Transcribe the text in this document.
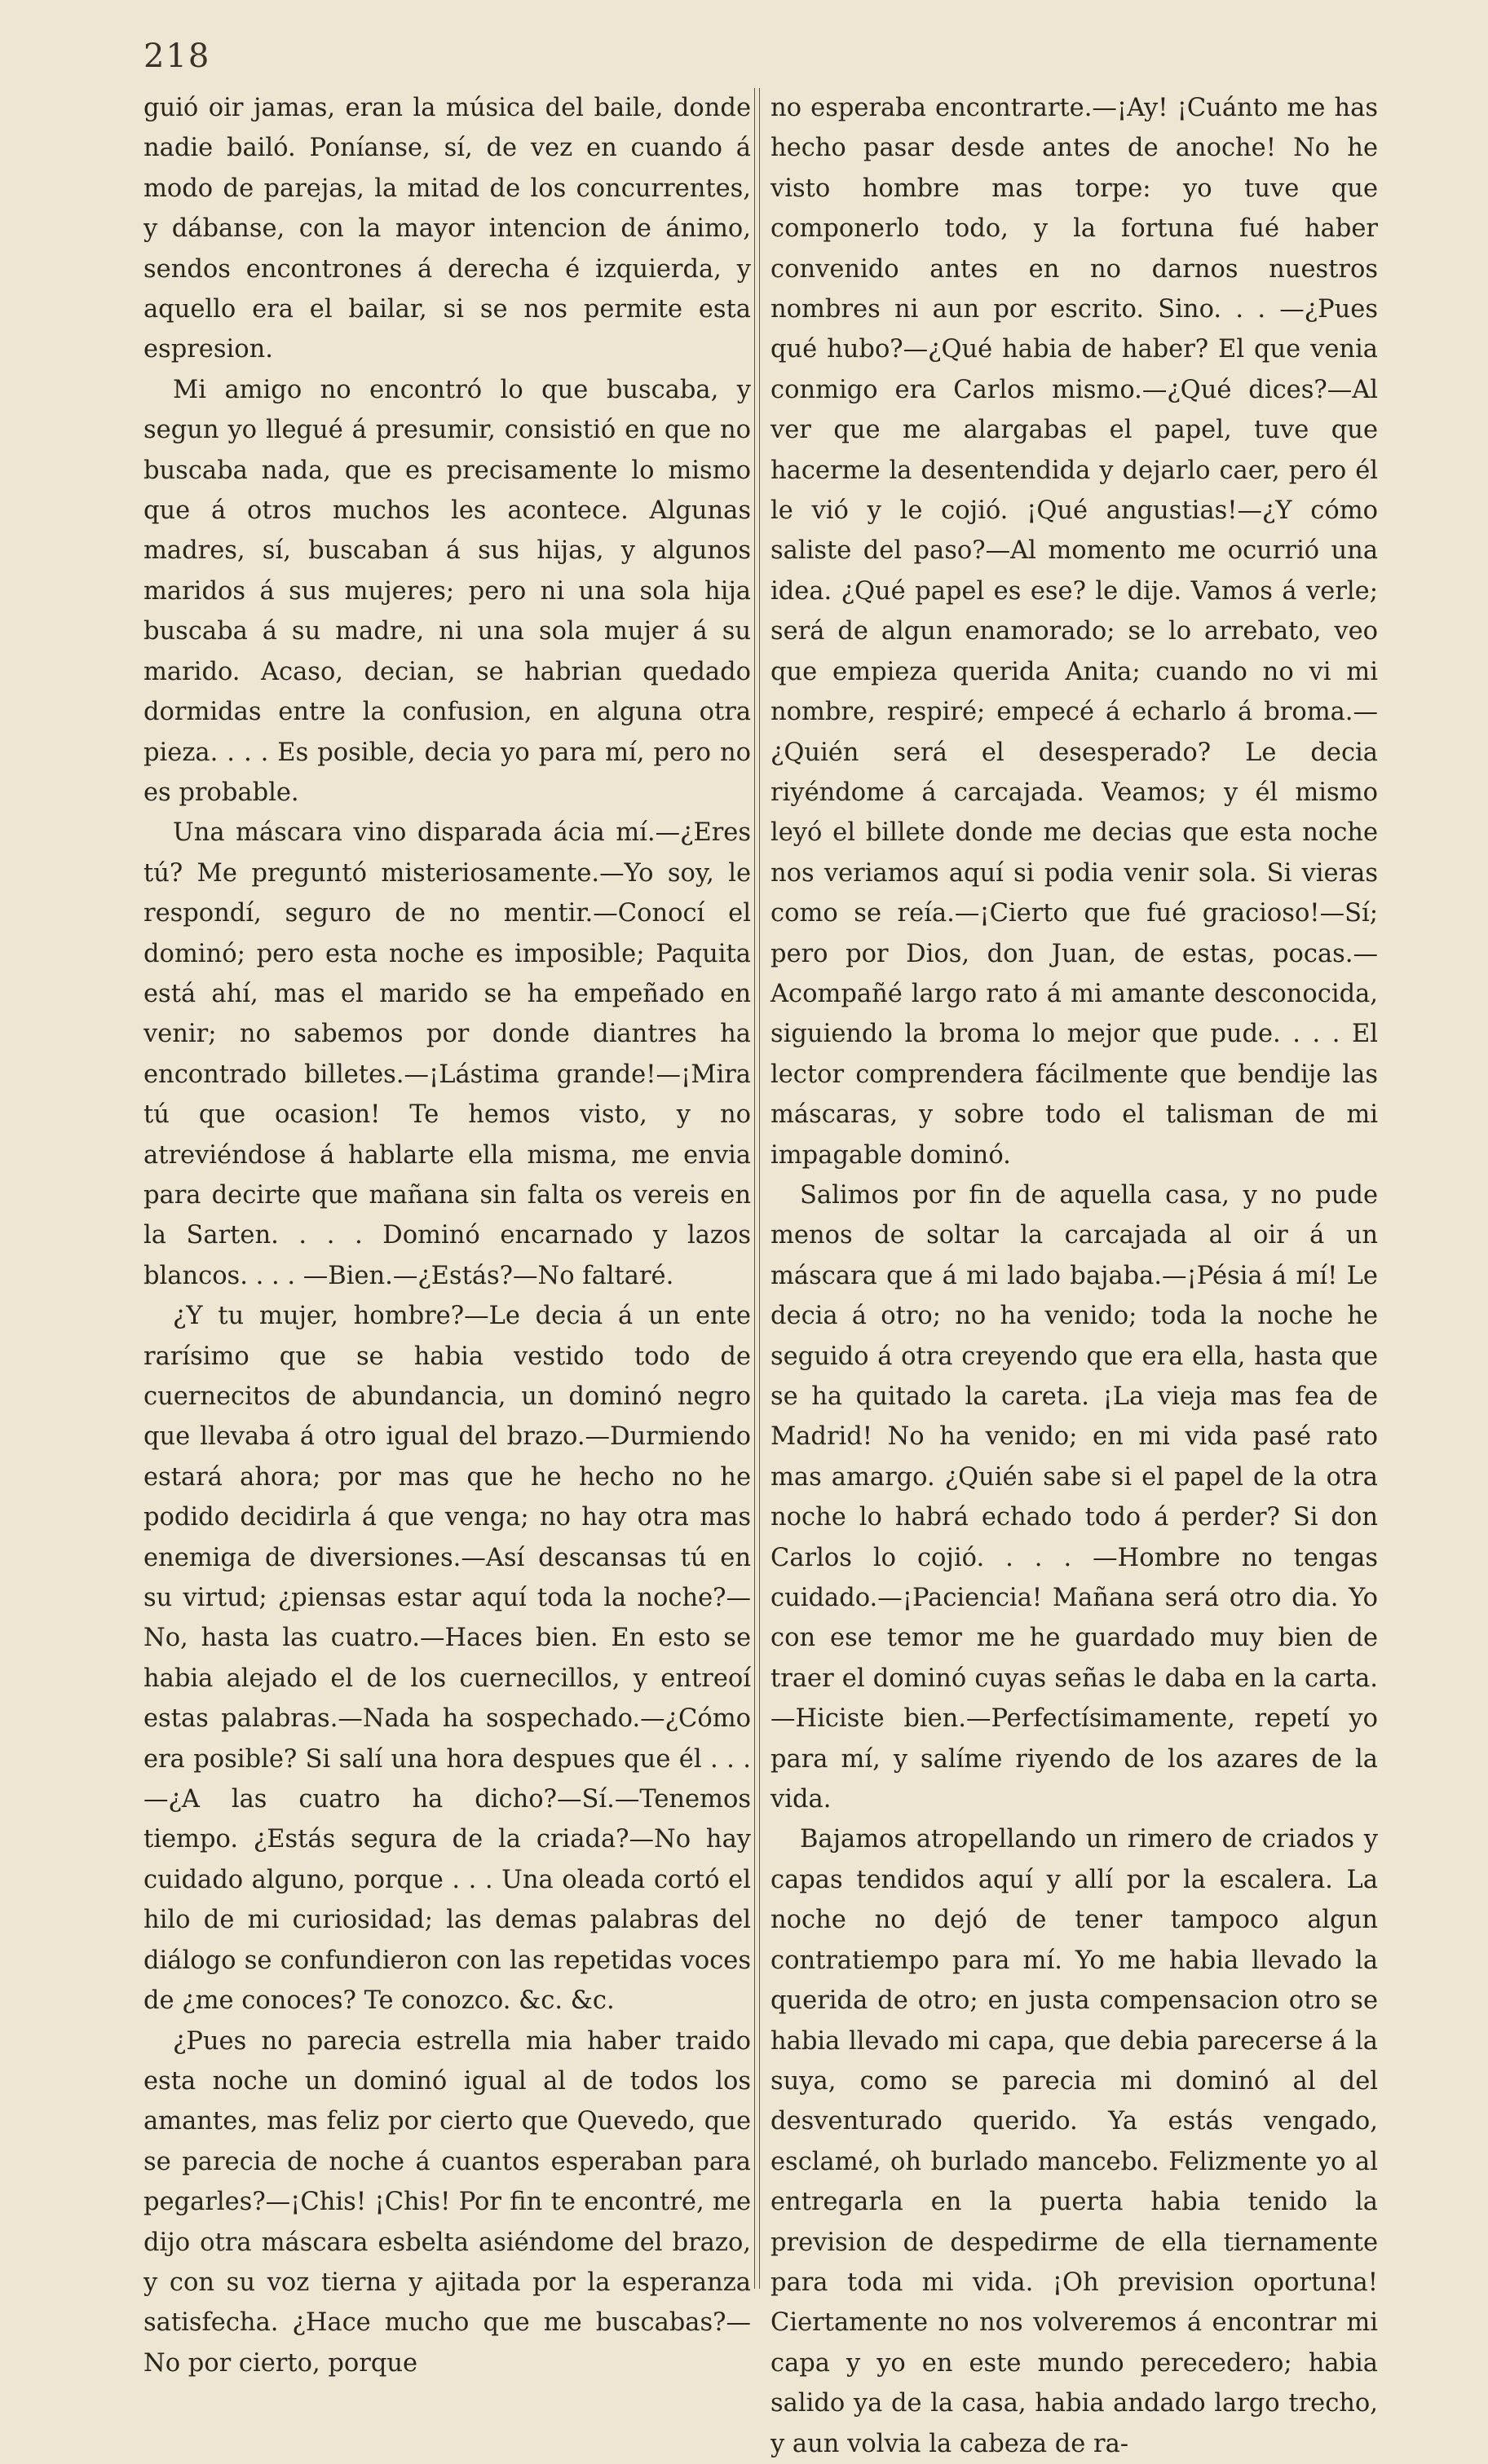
218

guió oir jamas, eran la música del baile, donde nadie bailó. Poníanse, sí, de vez en cuando á modo de parejas, la mitad de los concurrentes, y dábanse, con la mayor intencion de ánimo, sendos encontrones á derecha é izquierda, y aquello era el bailar, si se nos permite esta espresion.

Mi amigo no encontró lo que buscaba, y segun yo llegué á presumir, consistió en que no buscaba nada, que es precisamente lo mismo que á otros muchos les acontece. Algunas madres, sí, buscaban á sus hijas, y algunos maridos á sus mujeres; pero ni una sola hija buscaba á su madre, ni una sola mujer á su marido. Acaso, decian, se habrian quedado dormidas entre la confusion, en alguna otra pieza. . . . Es posible, decia yo para mí, pero no es probable.

Una máscara vino disparada ácia mí.—¿Eres tú? Me preguntó misteriosamente.—Yo soy, le respondí, seguro de no mentir.—Conocí el dominó; pero esta noche es imposible; Paquita está ahí, mas el marido se ha empeñado en venir; no sabemos por donde diantres ha encontrado billetes.—¡Lástima grande!—¡Mira tú que ocasion! Te hemos visto, y no atreviéndose á hablarte ella misma, me envia para decirte que mañana sin falta os vereis en la Sarten. . . . Dominó encarnado y lazos blancos. . . . —Bien.—¿Estás?—No faltaré.

¿Y tu mujer, hombre?—Le decia á un ente rarísimo que se habia vestido todo de cuernecitos de abundancia, un dominó negro que llevaba á otro igual del brazo.—Durmiendo estará ahora; por mas que he hecho no he podido decidirla á que venga; no hay otra mas enemiga de diversiones.—Así descansas tú en su virtud; ¿piensas estar aquí toda la noche?—No, hasta las cuatro.—Haces bien. En esto se habia alejado el de los cuernecillos, y entreoí estas palabras.—Nada ha sospechado.—¿Cómo era posible? Si salí una hora despues que él . . . —¿A las cuatro ha dicho?—Sí.—Tenemos tiempo. ¿Estás segura de la criada?—No hay cuidado alguno, porque . . . Una oleada cortó el hilo de mi curiosidad; las demas palabras del diálogo se confundieron con las repetidas voces de ¿me conoces? Te conozco. &c. &c.

¿Pues no parecia estrella mia haber traido esta noche un dominó igual al de todos los amantes, mas feliz por cierto que Quevedo, que se parecia de noche á cuantos esperaban para pegarles?—¡Chis! ¡Chis! Por fin te encontré, me dijo otra máscara esbelta asiéndome del brazo, y con su voz tierna y ajitada por la esperanza satisfecha. ¿Hace mucho que me buscabas?—No por cierto, porque

no esperaba encontrarte.—¡Ay! ¡Cuánto me has hecho pasar desde antes de anoche! No he visto hombre mas torpe: yo tuve que componerlo todo, y la fortuna fué haber convenido antes en no darnos nuestros nombres ni aun por escrito. Sino. . . —¿Pues qué hubo?—¿Qué habia de haber? El que venia conmigo era Carlos mismo.—¿Qué dices?—Al ver que me alargabas el papel, tuve que hacerme la desentendida y dejarlo caer, pero él le vió y le cojió. ¡Qué angustias!—¿Y cómo saliste del paso?—Al momento me ocurrió una idea. ¿Qué papel es ese? le dije. Vamos á verle; será de algun enamorado; se lo arrebato, veo que empieza querida Anita; cuando no vi mi nombre, respiré; empecé á echarlo á broma.—¿Quién será el desesperado? Le decia riyéndome á carcajada. Veamos; y él mismo leyó el billete donde me decias que esta noche nos veriamos aquí si podia venir sola. Si vieras como se reía.—¡Cierto que fué gracioso!—Sí; pero por Dios, don Juan, de estas, pocas.—Acompañé largo rato á mi amante desconocida, siguiendo la broma lo mejor que pude. . . . El lector comprendera fácilmente que bendije las máscaras, y sobre todo el talisman de mi impagable dominó.

Salimos por fin de aquella casa, y no pude menos de soltar la carcajada al oir á un máscara que á mi lado bajaba.—¡Pésia á mí! Le decia á otro; no ha venido; toda la noche he seguido á otra creyendo que era ella, hasta que se ha quitado la careta. ¡La vieja mas fea de Madrid! No ha venido; en mi vida pasé rato mas amargo. ¿Quién sabe si el papel de la otra noche lo habrá echado todo á perder? Si don Carlos lo cojió. . . . —Hombre no tengas cuidado.—¡Paciencia! Mañana será otro dia. Yo con ese temor me he guardado muy bien de traer el dominó cuyas señas le daba en la carta.—Hiciste bien.—Perfectísimamente, repetí yo para mí, y salíme riyendo de los azares de la vida.

Bajamos atropellando un rimero de criados y capas tendidos aquí y allí por la escalera. La noche no dejó de tener tampoco algun contratiempo para mí. Yo me habia llevado la querida de otro; en justa compensacion otro se habia llevado mi capa, que debia parecerse á la suya, como se parecia mi dominó al del desventurado querido. Ya estás vengado, esclamé, oh burlado mancebo. Felizmente yo al entregarla en la puerta habia tenido la prevision de despedirme de ella tiernamente para toda mi vida. ¡Oh prevision oportuna! Ciertamente no nos volveremos á encontrar mi capa y yo en este mundo perecedero; habia salido ya de la casa, habia andado largo trecho, y aun volvia la cabeza de ra-
